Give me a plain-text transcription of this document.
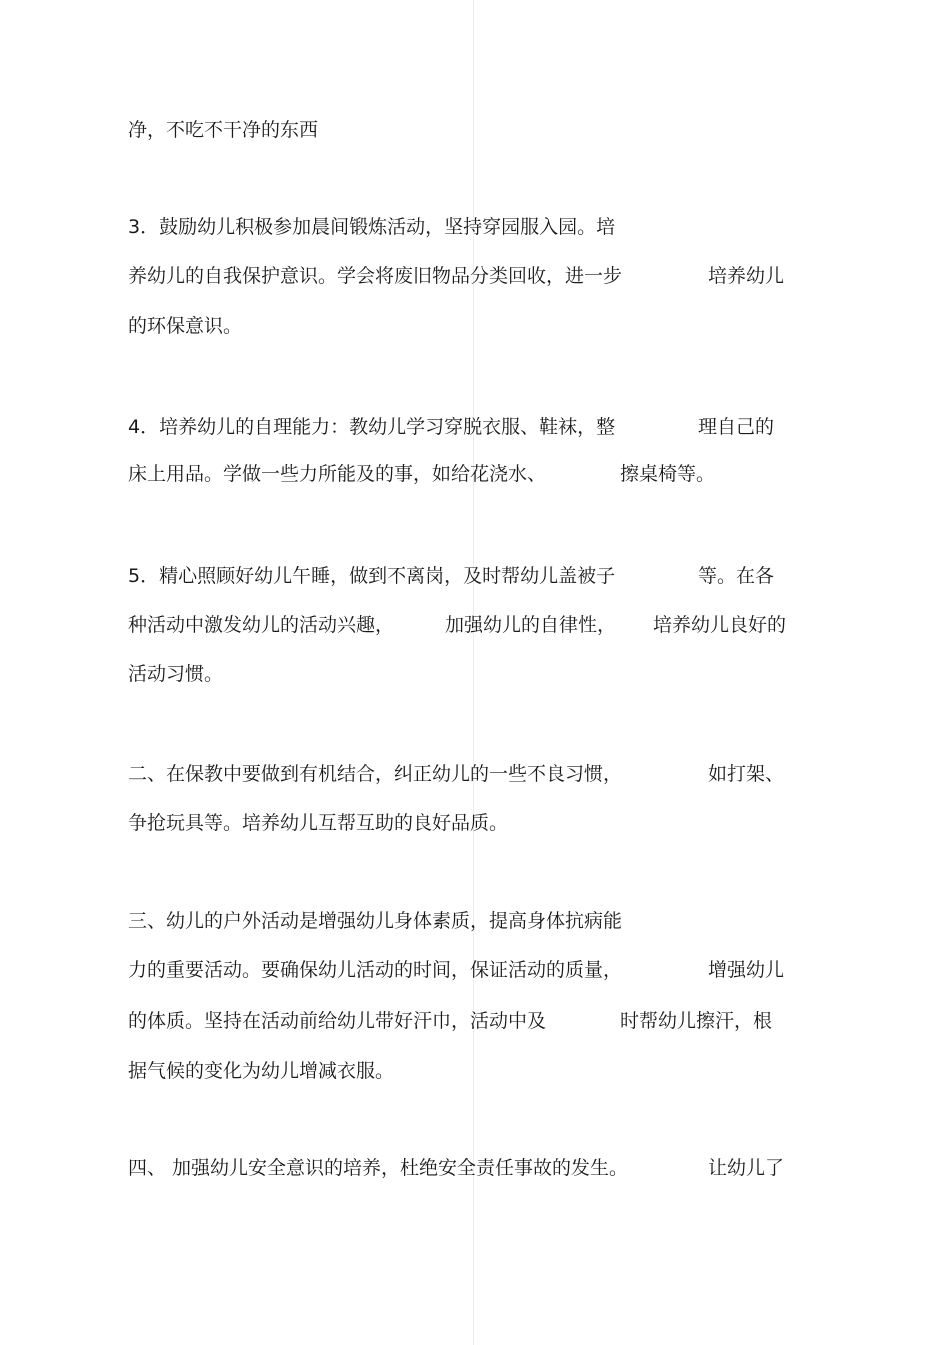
净，不吃不干净的东西
3．鼓励幼儿积极参加晨间锻炼活动，坚持穿园服入园。培
养幼儿的自我保护意识。学会将废旧物品分类回收，进一步	培养幼儿
的环保意识。
4．培养幼儿的自理能力：教幼儿学习穿脱衣服、鞋袜，整	理自己的
床上用品。学做一些力所能及的事，如给花浇水、	擦桌椅等。
5．精心照顾好幼儿午睡，做到不离岗，及时帮幼儿盖被子	等。在各
种活动中激发幼儿的活动兴趣，	加强幼儿的自律性， 培养幼儿良好的
活动习惯。
二、在保教中要做到有机结合，纠正幼儿的一些不良习惯，	如打架、
争抢玩具等。培养幼儿互帮互助的良好品质。
三、幼儿的户外活动是增强幼儿身体素质，提高身体抗病能
力的重要活动。要确保幼儿活动的时间，保证活动的质量，	增强幼儿
的体质。坚持在活动前给幼儿带好汗巾，活动中及	时帮幼儿擦汗，根
据气候的变化为幼儿增减衣服。
四、 加强幼儿安全意识的培养，杜绝安全责任事故的发生。	让幼儿了
